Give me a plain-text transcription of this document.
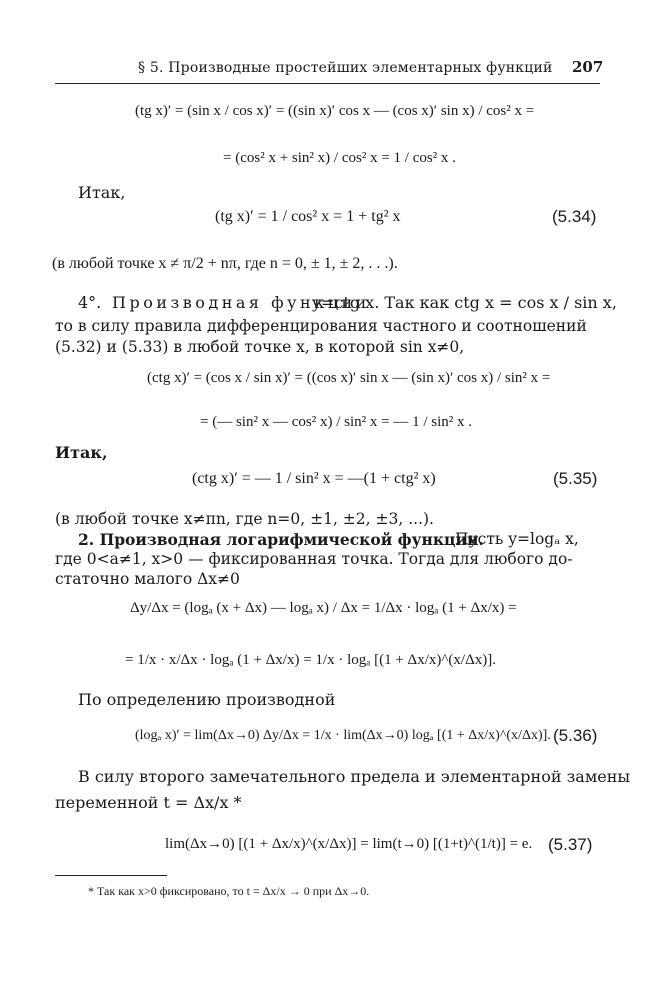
§ 5. Производные простейших элементарных функций 207
(tg x)′ = (sin x / cos x)′ = ((sin x)′ cos x — (cos x)′ sin x) / cos² x =
= (cos² x + sin² x) / cos² x = 1 / cos² x .
Итак,
(tg x)′ = 1 / cos² x = 1 + tg² x	(5.34)
(в любой точке x ≠ π/2 + nπ, где n = 0, ± 1, ± 2, . . .).
4°. Производная функции
y=ctg x. Так как ctg x = cos x / sin x,
то в силу правила дифференцирования частного и соотношений
(5.32) и (5.33) в любой точке x, в которой sin x≠0,
(ctg x)′ = (cos x / sin x)′ = ((cos x)′ sin x — (sin x)′ cos x) / sin² x =
= (— sin² x — cos² x) / sin² x = — 1 / sin² x .
Итак,
(ctg x)′ = — 1 / sin² x = —(1 + ctg² x)	(5.35)
(в любой точке x≠πn, где n=0, ±1, ±2, ±3, ...).
2. Производная логарифмической функции.
Пусть y=logₐ x,
где 0<a≠1, x>0 — фиксированная точка. Тогда для любого до-
статочно малого Δx≠0
Δy/Δx = (logₐ (x + Δx) — logₐ x) / Δx = 1/Δx · logₐ (1 + Δx/x) =
= 1/x · x/Δx · logₐ (1 + Δx/x) = 1/x · logₐ [(1 + Δx/x)^(x/Δx)].
По определению производной
(logₐ x)′ = lim(Δx→0) Δy/Δx = 1/x · lim(Δx→0) logₐ [(1 + Δx/x)^(x/Δx)]. (5.36)
В силу второго замечательного предела и элементарной замены
переменной t = Δx/x *
lim(Δx→0) [(1 + Δx/x)^(x/Δx)] = lim(t→0) [(1+t)^(1/t)] = e. (5.37)
* Так как x>0 фиксировано, то t = Δx/x → 0 при Δx→0.
